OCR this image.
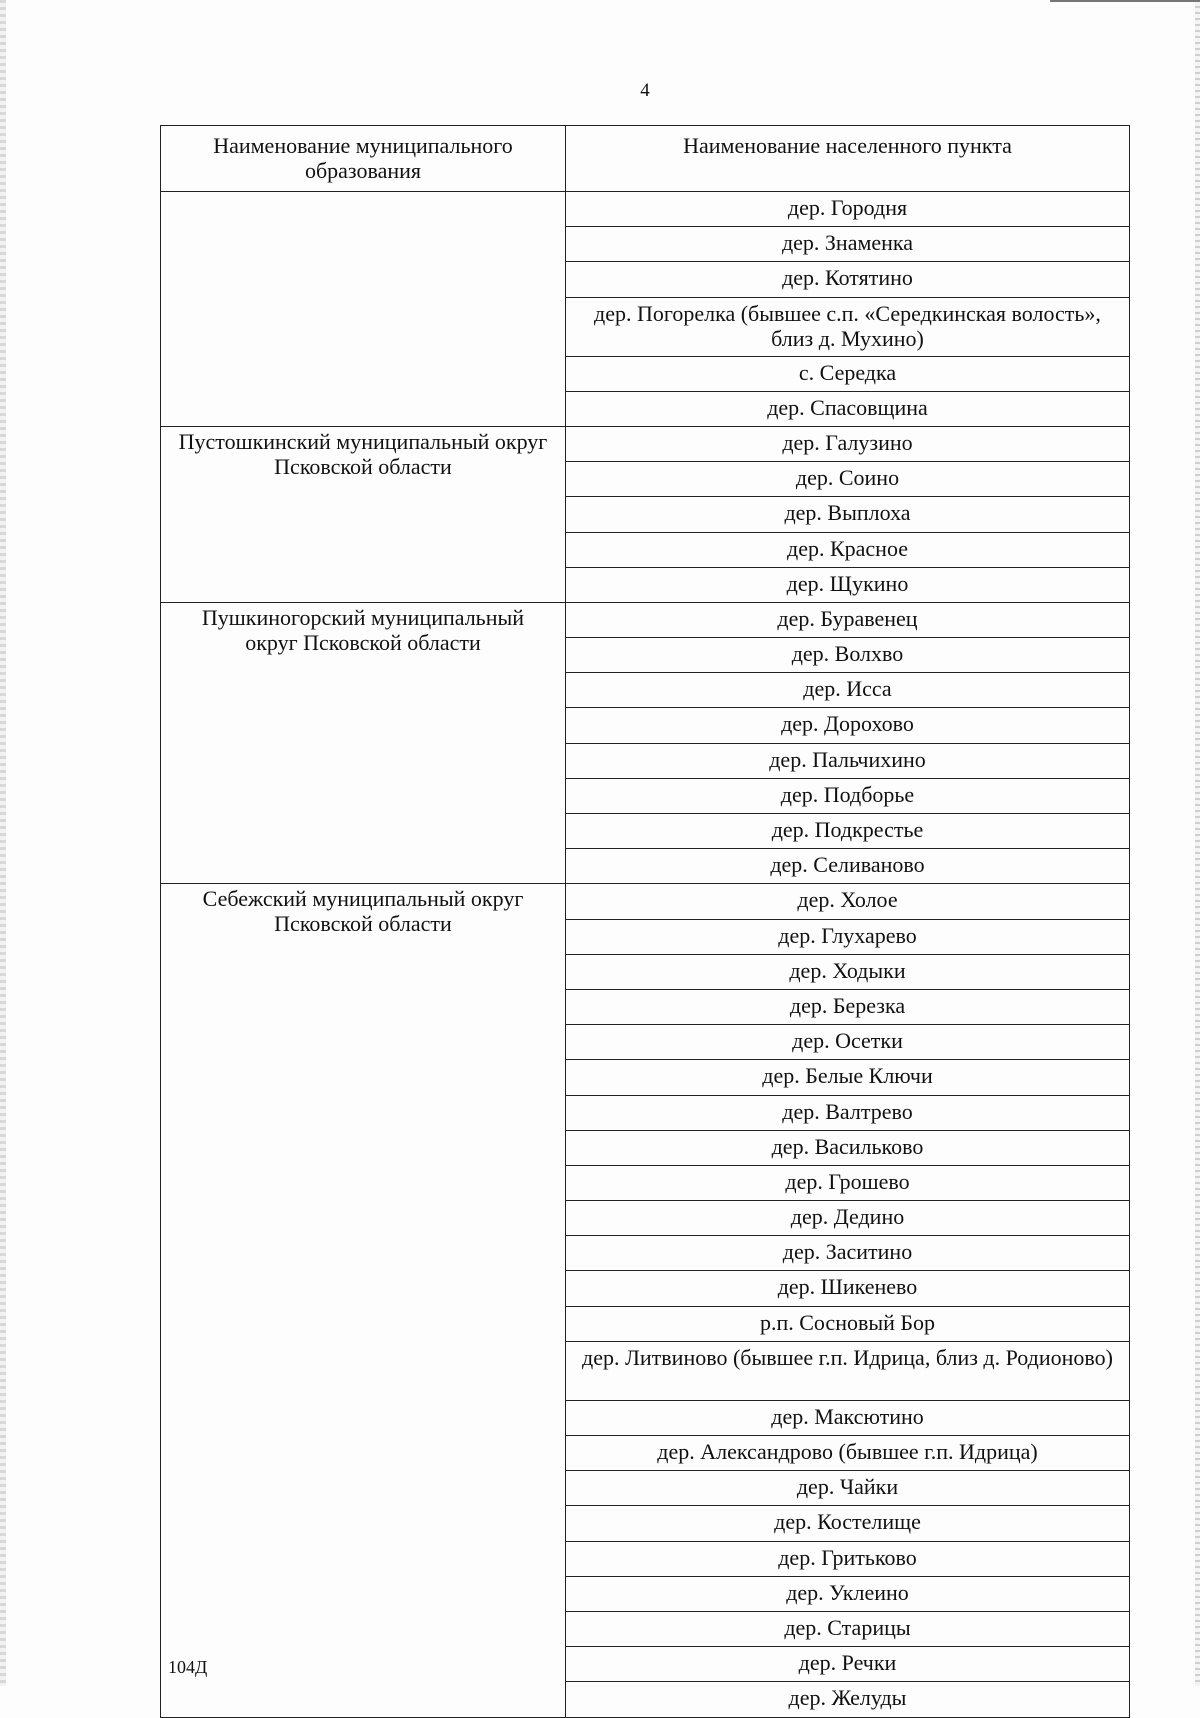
4
Наименование муниципального образования	Наименование населенного пункта
	дер. Городня
	дер. Знаменка
	дер. Котятино
	дер. Погорелка (бывшее с.п. «Середкинская волость», близ д. Мухино)
	с. Середка
	дер. Спасовщина
Пустошкинский муниципальный округ Псковской области	дер. Галузино
	дер. Соино
	дер. Выплоха
	дер. Красное
	дер. Щукино
Пушкиногорский муниципальный округ Псковской области	дер. Буравенец
	дер. Волхво
	дер. Исса
	дер. Дорохово
	дер. Пальчихино
	дер. Подборье
	дер. Подкрестье
	дер. Селиваново
Себежский муниципальный округ Псковской области	дер. Холое
	дер. Глухарево
	дер. Ходыки
	дер. Березка
	дер. Осетки
	дер. Белые Ключи
	дер. Валтрево
	дер. Васильково
	дер. Грошево
	дер. Дедино
	дер. Заситино
	дер. Шикенево
	р.п. Сосновый Бор
	дер. Литвиново (бывшее г.п. Идрица, близ д. Родионово)
	дер. Максютино
	дер. Александрово (бывшее г.п. Идрица)
	дер. Чайки
	дер. Костелище
	дер. Гритьково
	дер. Уклеино
	дер. Старицы
	дер. Речки
	дер. Желуды
104Д
